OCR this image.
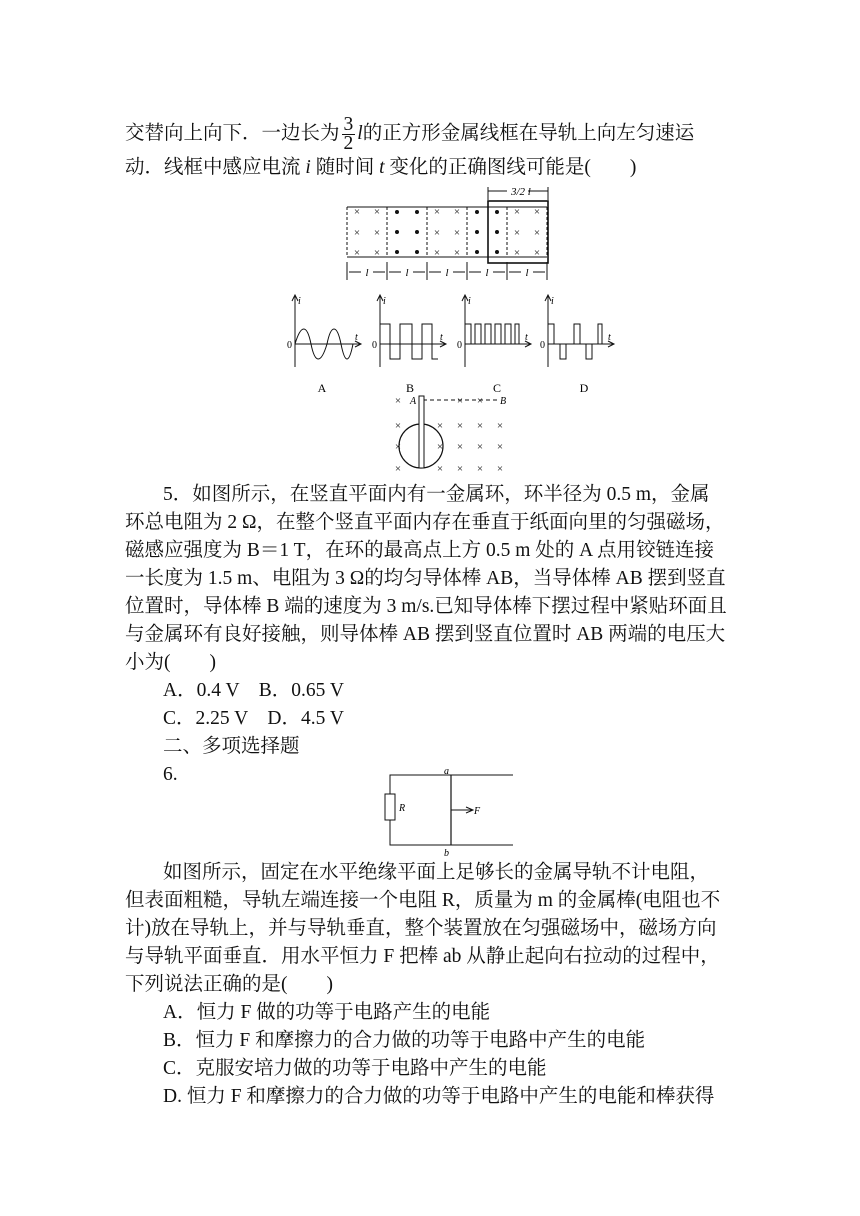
交替向上向下．一边长为 $\frac{3}{2}$ l的正方形金属线框在导轨上向左匀速运
动．线框中感应电流 i 随时间 t 变化的正确图线可能是(　　)
3/2 l
× ×
× ×
× ×
× ×
× ×
× ×
× ×
× ×
× ×
l	l	l	l	l
i
t
0
A
i
t
0
B
i
t
0
C
i
t
0
D
×	× ×
×	× × × ×
×	× × × ×
×	× × × ×
A	B
5．如图所示，在竖直平面内有一金属环，环半径为 0.5 m，金属
环总电阻为 2 Ω，在整个竖直平面内存在垂直于纸面向里的匀强磁场，
磁感应强度为 B＝1 T，在环的最高点上方 0.5 m 处的 A 点用铰链连接
一长度为 1.5 m、电阻为 3 Ω的均匀导体棒 AB，当导体棒 AB 摆到竖直
位置时，导体棒 B 端的速度为 3 m/s.已知导体棒下摆过程中紧贴环面且
与金属环有良好接触，则导体棒 AB 摆到竖直位置时 AB 两端的电压大
小为(　　)
A．0.4 V　B．0.65 V
C．2.25 V　D．4.5 V
二、多项选择题
6.	a
b
R	F
如图所示，固定在水平绝缘平面上足够长的金属导轨不计电阻，
但表面粗糙，导轨左端连接一个电阻 R，质量为 m 的金属棒(电阻也不
计)放在导轨上，并与导轨垂直，整个装置放在匀强磁场中，磁场方向
与导轨平面垂直．用水平恒力 F 把棒 ab 从静止起向右拉动的过程中，
下列说法正确的是(　　)
A．恒力 F 做的功等于电路产生的电能
B．恒力 F 和摩擦力的合力做的功等于电路中产生的电能
C．克服安培力做的功等于电路中产生的电能
D. 恒力 F 和摩擦力的合力做的功等于电路中产生的电能和棒获得
